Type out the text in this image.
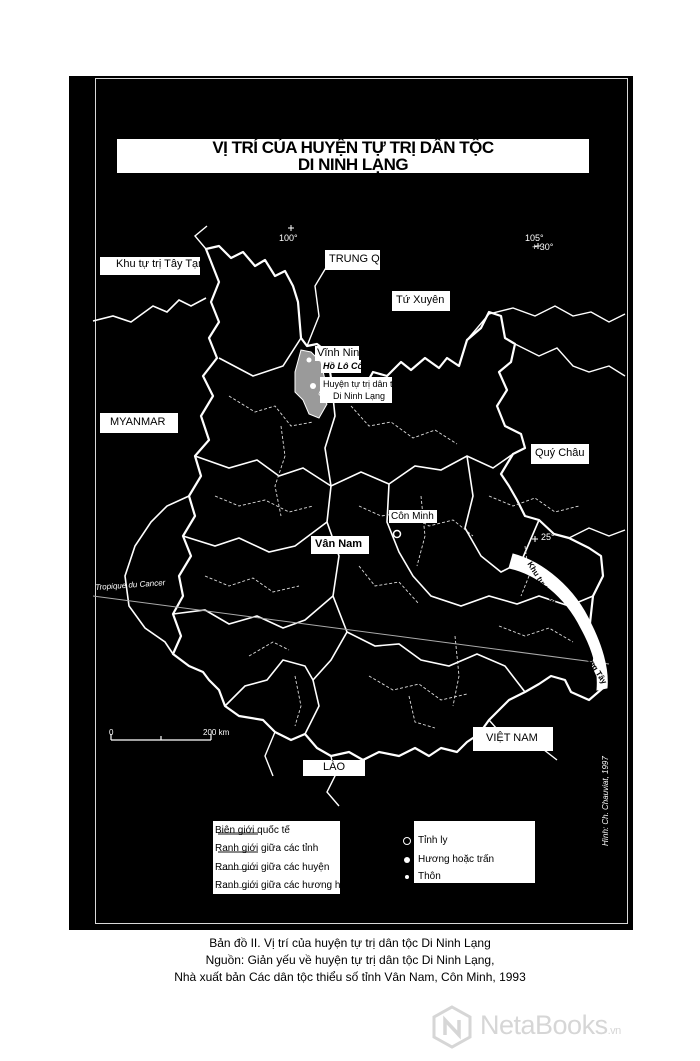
VỊ TRÍ CỦA HUYỆN TỰ TRỊ DÂN TỘC
DI NINH LẠNG
100°	105°
+ 30°
25°
Khu tự trị Tây Tạng	TRUNG QUỐC
Tứ Xuyên
Vĩnh Ninh
Hồ Lô Cô
Huyện tự trị dân tộc
Di Ninh Lạng
MYANMAR
Quý Châu
Côn Minh
Vân Nam
Tropique du Cancer	Khu tự trị dân tộc Choang Quảng Tây
VIỆT NAM
LÀO
0	200 km
Biên giới quốc tế
Ranh giới giữa các tỉnh
Ranh giới giữa các huyện
Ranh giới giữa các hương hoặc trấn
Tỉnh ly
Hương hoặc trấn
Thôn
Hình: Ch. Chauviat, 1997
Bản đồ II. Vị trí của huyện tự trị dân tộc Di Ninh Lạng
Nguồn: Giản yếu về huyện tự trị dân tộc Di Ninh Lạng,
Nhà xuất bản Các dân tộc thiểu số tỉnh Vân Nam, Côn Minh, 1993
NetaBooks.vn
